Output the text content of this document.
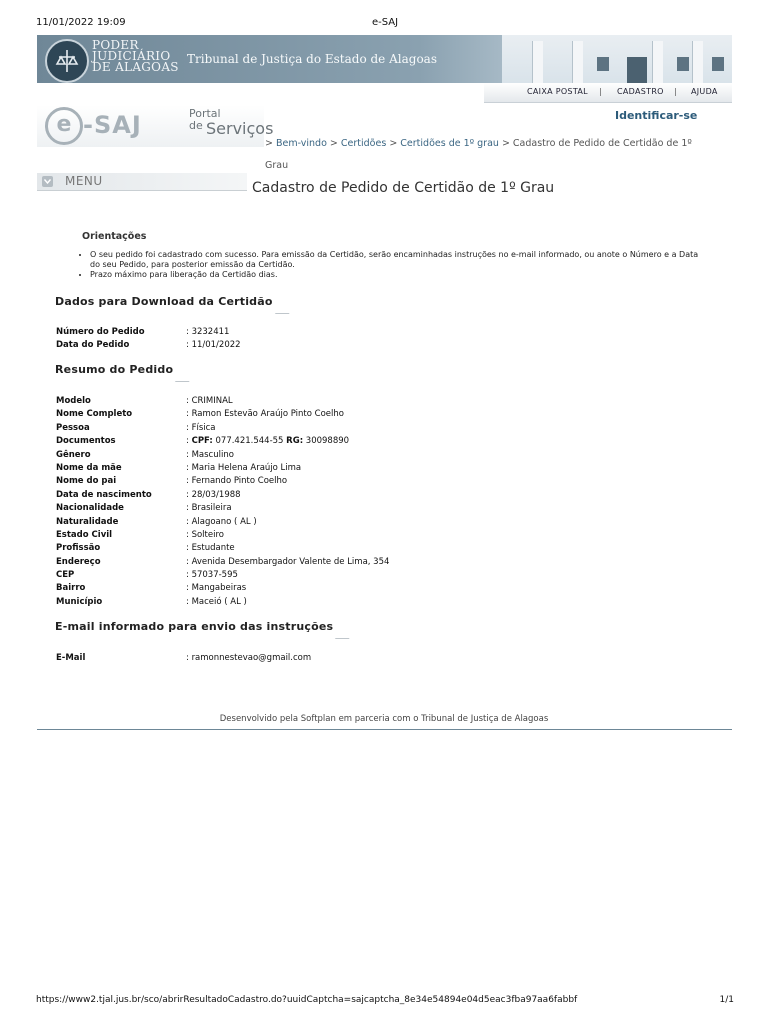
11/01/2022 19:09	e-SAJ
PODER
JUDICIÁRIO
DE ALAGOAS
Tribunal de Justiça do Estado de Alagoas
CAIXA POSTAL | CADASTRO | AJUDA
e -SAJ	Portal
de Serviços
Identificar-se
> Bem-vindo > Certidões > Certidões de 1º grau > Cadastro de Pedido de Certidão de 1º Grau
MENU	Cadastro de Pedido de Certidão de 1º Grau
Orientações
• O seu pedido foi cadastrado com sucesso. Para emissão da Certidão, serão encaminhadas instruções no e-mail informado, ou anote o Número e a Data do seu Pedido, para posterior emissão da Certidão.
• Prazo máximo para liberação da Certidão dias.
Dados para Download da Certidão
Número do Pedido	: 3232411
Data do Pedido	: 11/01/2022
Resumo do Pedido
Modelo	: CRIMINAL
Nome Completo	: Ramon Estevão Araújo Pinto Coelho
Pessoa	: Física
Documentos	: CPF: 077.421.544-55 RG: 30098890
Gênero	: Masculino
Nome da mãe	: Maria Helena Araújo Lima
Nome do pai	: Fernando Pinto Coelho
Data de nascimento	: 28/03/1988
Nacionalidade	: Brasileira
Naturalidade	: Alagoano ( AL )
Estado Civil	: Solteiro
Profissão	: Estudante
Endereço	: Avenida Desembargador Valente de Lima, 354
CEP	: 57037-595
Bairro	: Mangabeiras
Município	: Maceió ( AL )
E-mail informado para envio das instruções
E-Mail	: ramonnestevao@gmail.com
Desenvolvido pela Softplan em parceria com o Tribunal de Justiça de Alagoas
https://www2.tjal.jus.br/sco/abrirResultadoCadastro.do?uuidCaptcha=sajcaptcha_8e34e54894e04d5eac3fba97aa6fabbf	1/1
